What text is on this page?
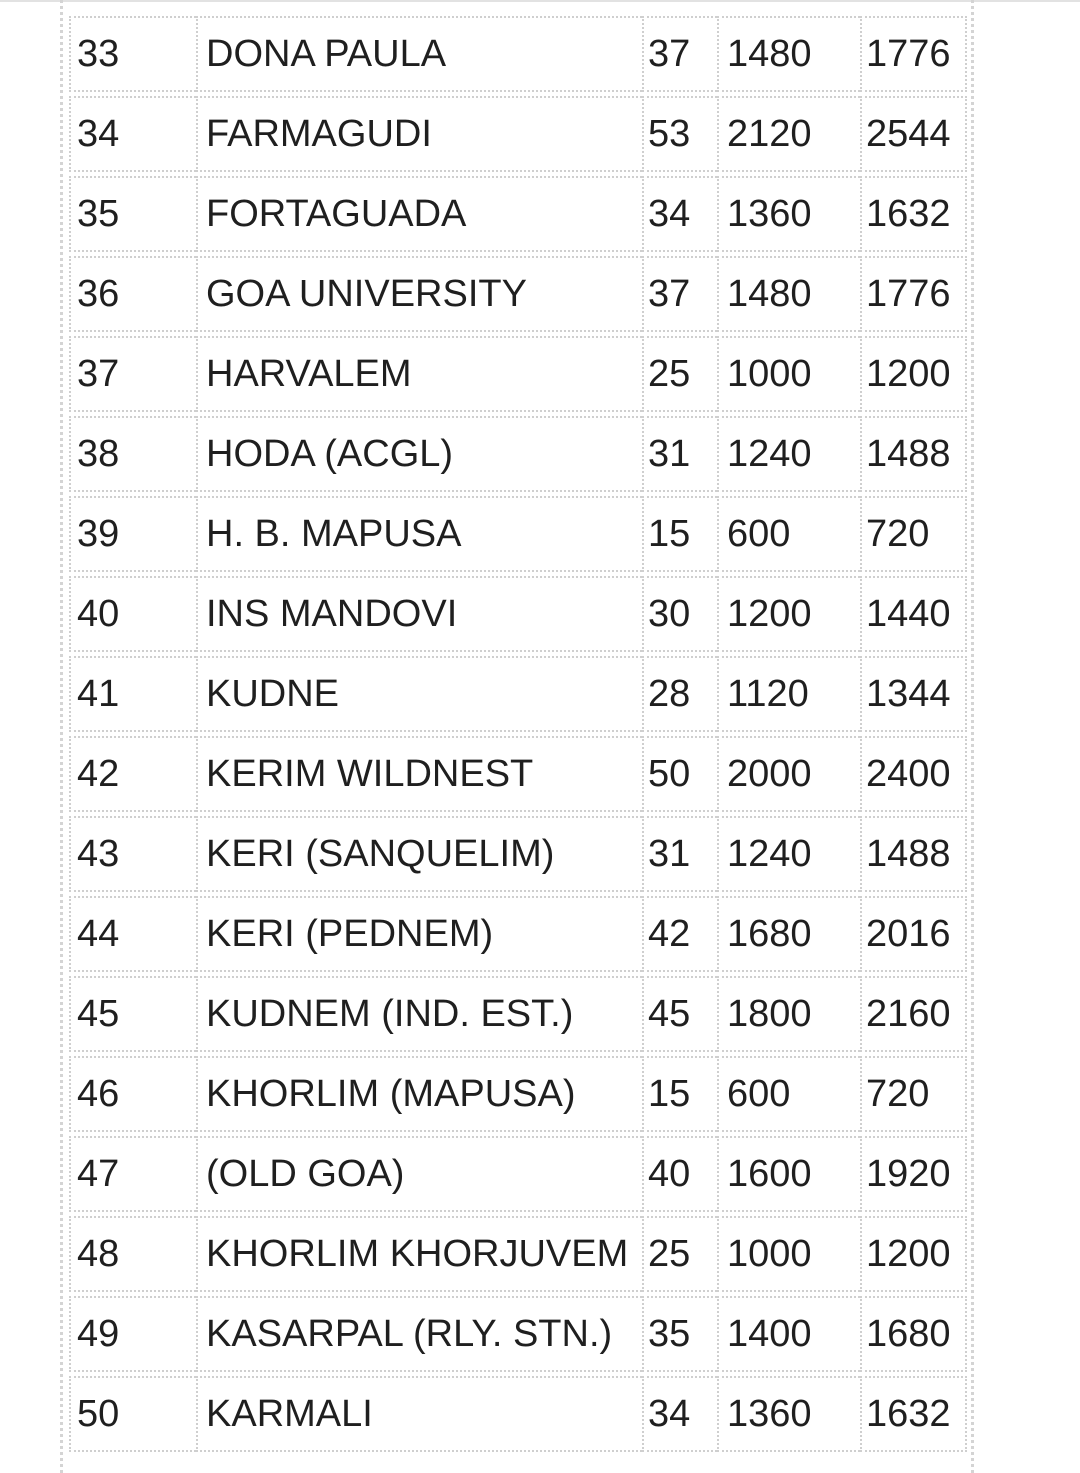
33	DONA PAULA	37	1480	1776
34	FARMAGUDI	53	2120	2544
35	FORTAGUADA	34	1360	1632
36	GOA UNIVERSITY	37	1480	1776
37	HARVALEM	25	1000	1200
38	HODA (ACGL)	31	1240	1488
39	H. B. MAPUSA	15	600	720
40	INS MANDOVI	30	1200	1440
41	KUDNE	28	1120	1344
42	KERIM WILDNEST	50	2000	2400
43	KERI (SANQUELIM)	31	1240	1488
44	KERI (PEDNEM)	42	1680	2016
45	KUDNEM (IND. EST.)	45	1800	2160
46	KHORLIM (MAPUSA)	15	600	720
47	(OLD GOA)	40	1600	1920
48	KHORLIM KHORJUVEM	25	1000	1200
49	KASARPAL (RLY. STN.)	35	1400	1680
50	KARMALI	34	1360	1632
